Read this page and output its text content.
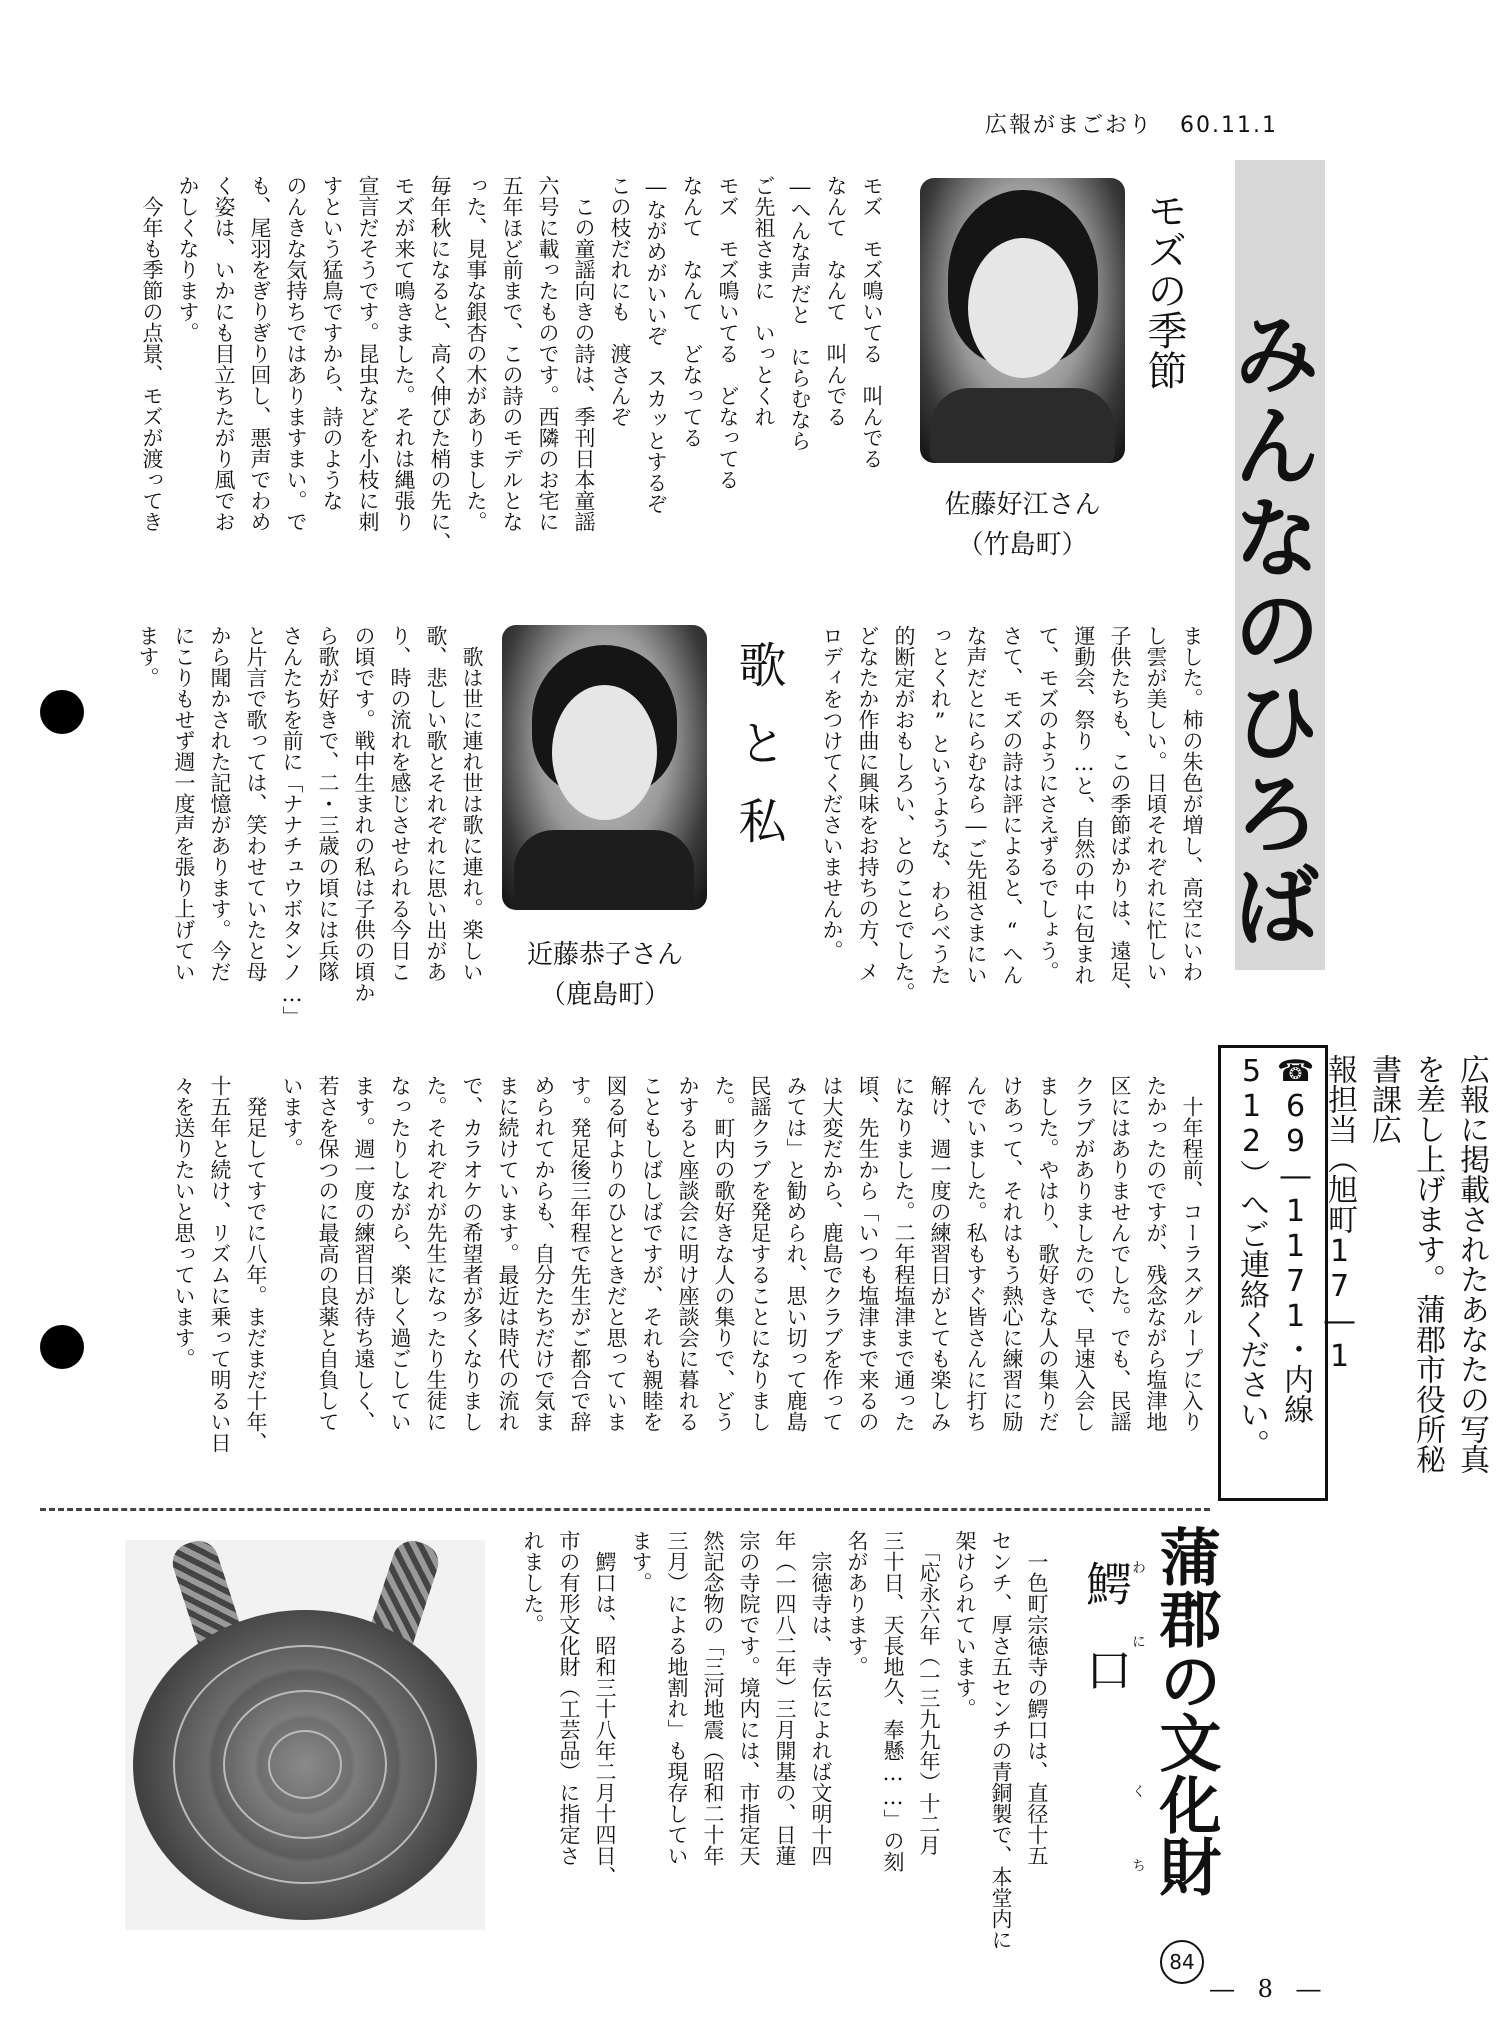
広報がまごおり 60.11.1
みんなのひろば
モズの季節
佐藤好江さん
（竹島町）
モズ　モズ鳴いてる　叫んでる
なんて　なんて　叫んでる
―へんな声だと　にらむなら
ご先祖さまに　いっとくれ
モズ　モズ鳴いてる　どなってる
なんて　なんて　どなってる
―ながめがいいぞ　スカッとするぞ
この枝だれにも　渡さんぞ
　この童謡向きの詩は、季刊日本童謡
六号に載ったものです。西隣のお宅に
五年ほど前まで、この詩のモデルとな
った、見事な銀杏の木がありました。
毎年秋になると、高く伸びた梢の先に、
モズが来て鳴きました。それは縄張り
宣言だそうです。昆虫などを小枝に刺
すという猛鳥ですから、詩のような
のんきな気持ちではありますまい。で
も、尾羽をぎりぎり回し、悪声でわめ
く姿は、いかにも目立ちたがり風でお
かしくなります。
　今年も季節の点景、モズが渡ってき
ました。柿の朱色が増し、高空にいわ
し雲が美しい。日頃それぞれに忙しい
子供たちも、この季節ばかりは、遠足、
運動会、祭り…と、自然の中に包まれ
て、モズのようにさえずるでしょう。
さて、モズの詩は評によると、“へん
な声だとにらむなら―ご先祖さまにい
っとくれ”というような、わらべうた
的断定がおもしろい、とのことでした。
どなたか作曲に興味をお持ちの方、メ
ロディをつけてくださいませんか。
歌と私
近藤恭子さん
（鹿島町）
　歌は世に連れ世は歌に連れ。楽しい
歌、悲しい歌とそれぞれに思い出があ
り、時の流れを感じさせられる今日こ
の頃です。戦中生まれの私は子供の頃か
ら歌が好きで、二・三歳の頃には兵隊
さんたちを前に「ナナチュウボタンノ…」
と片言で歌っては、笑わせていたと母
から聞かされた記憶があります。今だ
にこりもせず週一度声を張り上げてい
ます。
　十年程前、コーラスグループに入り
たかったのですが、残念ながら塩津地
区にはありませんでした。でも、民謡
クラブがありましたので、早速入会し
ました。やはり、歌好きな人の集りだ
けあって、それはもう熱心に練習に励
んでいました。私もすぐ皆さんに打ち
解け、週一度の練習日がとても楽しみ
になりました。二年程塩津まで通った
頃、先生から「いつも塩津まで来るの
は大変だから、鹿島でクラブを作って
みては」と勧められ、思い切って鹿島
民謡クラブを発足することになりまし
た。町内の歌好きな人の集りで、どう
かすると座談会に明け座談会に暮れる
こともしばしばですが、それも親睦を
図る何よりのひとときだと思っていま
す。発足後三年程で先生がご都合で辞
められてからも、自分たちだけで気ま
まに続けています。最近は時代の流れ
で、カラオケの希望者が多くなりまし
た。それぞれが先生になったり生徒に
なったりしながら、楽しく過ごしてい
ます。週一度の練習日が待ち遠しく、
若さを保つのに最高の良薬と自負して
います。
　発足してすでに八年。まだまだ十年、
十五年と続け、リズムに乗って明るい日
々を送りたいと思っています。	広報に掲載されたあなたの写真を差し上げます。蒲郡市役所秘書課広
報担当（旭町17―1　☎69―1171・内線512）へご連絡ください。
蒲郡の文化財
84
鰐口
わに くち
　一色町宗徳寺の鰐口は、直径十五
センチ、厚さ五センチの青銅製で、本堂内に
架けられています。
　「応永六年（一三九九年）十二月
三十日、天長地久、奉懸……」の刻
名があります。
　宗徳寺は、寺伝によれば文明十四
年（一四八二年）三月開基の、日蓮
宗の寺院です。境内には、市指定天
然記念物の「三河地震（昭和二十年
三月）による地割れ」も現存してい
ます。
　鰐口は、昭和三十八年二月十四日、
市の有形文化財（工芸品）に指定さ
れました。
― 8 ―
